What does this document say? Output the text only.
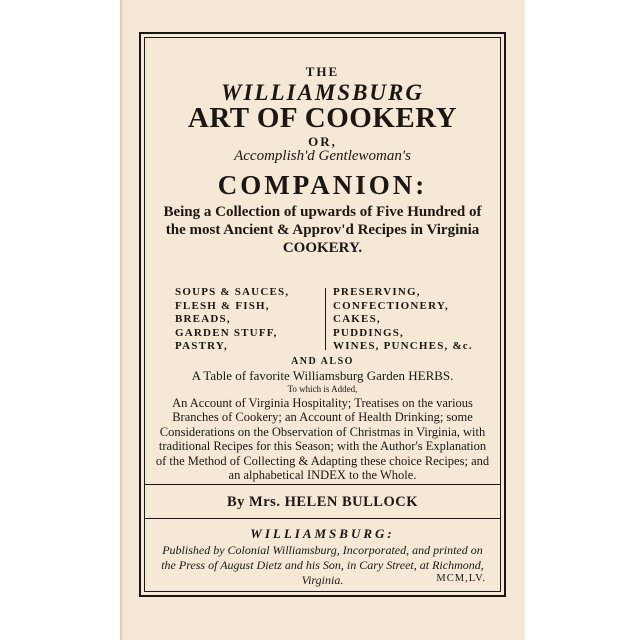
THE
WILLIAMSBURG
ART OF COOKERY
OR,
Accomplish'd Gentlewoman's
COMPANION:
Being a Collection of upwards of Five Hundred of the most Ancient & Approv'd Recipes in Virginia COOKERY.
SOUPS & SAUCES,
FLESH & FISH,
BREADS,
GARDEN STUFF,
PASTRY,
PRESERVING,
CONFECTIONERY,
CAKES,
PUDDINGS,
WINES, PUNCHES, &c.
AND ALSO
A Table of favorite Williamsburg Garden HERBS.
To which is Added,
An Account of Virginia Hospitality; Treatises on the various Branches of Cookery; an Account of Health Drinking; some Considerations on the Observation of Christmas in Virginia, with traditional Recipes for this Season; with the Author's Explanation of the Method of Collecting & Adapting these choice Recipes; and an alphabetical INDEX to the Whole.
By Mrs. HELEN BULLOCK
WILLIAMSBURG:
Published by Colonial Williamsburg, Incorporated, and printed on the Press of August Dietz and his Son, in Cary Street, at Richmond, Virginia.	MCM,LV.
